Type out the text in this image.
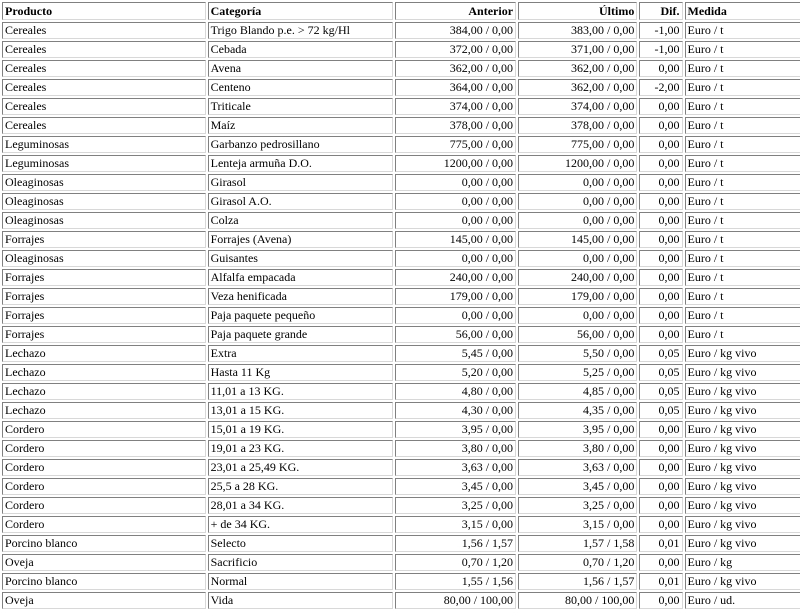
Producto	Categoría	Anterior	Último	Dif.	Medida
Cereales	Trigo Blando p.e. > 72 kg/Hl	384,00 / 0,00	383,00 / 0,00	-1,00	Euro / t
Cereales	Cebada	372,00 / 0,00	371,00 / 0,00	-1,00	Euro / t
Cereales	Avena	362,00 / 0,00	362,00 / 0,00	0,00	Euro / t
Cereales	Centeno	364,00 / 0,00	362,00 / 0,00	-2,00	Euro / t
Cereales	Triticale	374,00 / 0,00	374,00 / 0,00	0,00	Euro / t
Cereales	Maíz	378,00 / 0,00	378,00 / 0,00	0,00	Euro / t
Leguminosas	Garbanzo pedrosillano	775,00 / 0,00	775,00 / 0,00	0,00	Euro / t
Leguminosas	Lenteja armuña D.O.	1200,00 / 0,00	1200,00 / 0,00	0,00	Euro / t
Oleaginosas	Girasol	0,00 / 0,00	0,00 / 0,00	0,00	Euro / t
Oleaginosas	Girasol A.O.	0,00 / 0,00	0,00 / 0,00	0,00	Euro / t
Oleaginosas	Colza	0,00 / 0,00	0,00 / 0,00	0,00	Euro / t
Forrajes	Forrajes (Avena)	145,00 / 0,00	145,00 / 0,00	0,00	Euro / t
Oleaginosas	Guisantes	0,00 / 0,00	0,00 / 0,00	0,00	Euro / t
Forrajes	Alfalfa empacada	240,00 / 0,00	240,00 / 0,00	0,00	Euro / t
Forrajes	Veza henificada	179,00 / 0,00	179,00 / 0,00	0,00	Euro / t
Forrajes	Paja paquete pequeño	0,00 / 0,00	0,00 / 0,00	0,00	Euro / t
Forrajes	Paja paquete grande	56,00 / 0,00	56,00 / 0,00	0,00	Euro / t
Lechazo	Extra	5,45 / 0,00	5,50 / 0,00	0,05	Euro / kg vivo
Lechazo	Hasta 11 Kg	5,20 / 0,00	5,25 / 0,00	0,05	Euro / kg vivo
Lechazo	11,01 a 13 KG.	4,80 / 0,00	4,85 / 0,00	0,05	Euro / kg vivo
Lechazo	13,01 a 15 KG.	4,30 / 0,00	4,35 / 0,00	0,05	Euro / kg vivo
Cordero	15,01 a 19 KG.	3,95 / 0,00	3,95 / 0,00	0,00	Euro / kg vivo
Cordero	19,01 a 23 KG.	3,80 / 0,00	3,80 / 0,00	0,00	Euro / kg vivo
Cordero	23,01 a 25,49 KG.	3,63 / 0,00	3,63 / 0,00	0,00	Euro / kg vivo
Cordero	25,5 a 28 KG.	3,45 / 0,00	3,45 / 0,00	0,00	Euro / kg vivo
Cordero	28,01 a 34 KG.	3,25 / 0,00	3,25 / 0,00	0,00	Euro / kg vivo
Cordero	+ de 34 KG.	3,15 / 0,00	3,15 / 0,00	0,00	Euro / kg vivo
Porcino blanco	Selecto	1,56 / 1,57	1,57 / 1,58	0,01	Euro / kg vivo
Oveja	Sacrificio	0,70 / 1,20	0,70 / 1,20	0,00	Euro / kg
Porcino blanco	Normal	1,55 / 1,56	1,56 / 1,57	0,01	Euro / kg vivo
Oveja	Vida	80,00 / 100,00	80,00 / 100,00	0,00	Euro / ud.
